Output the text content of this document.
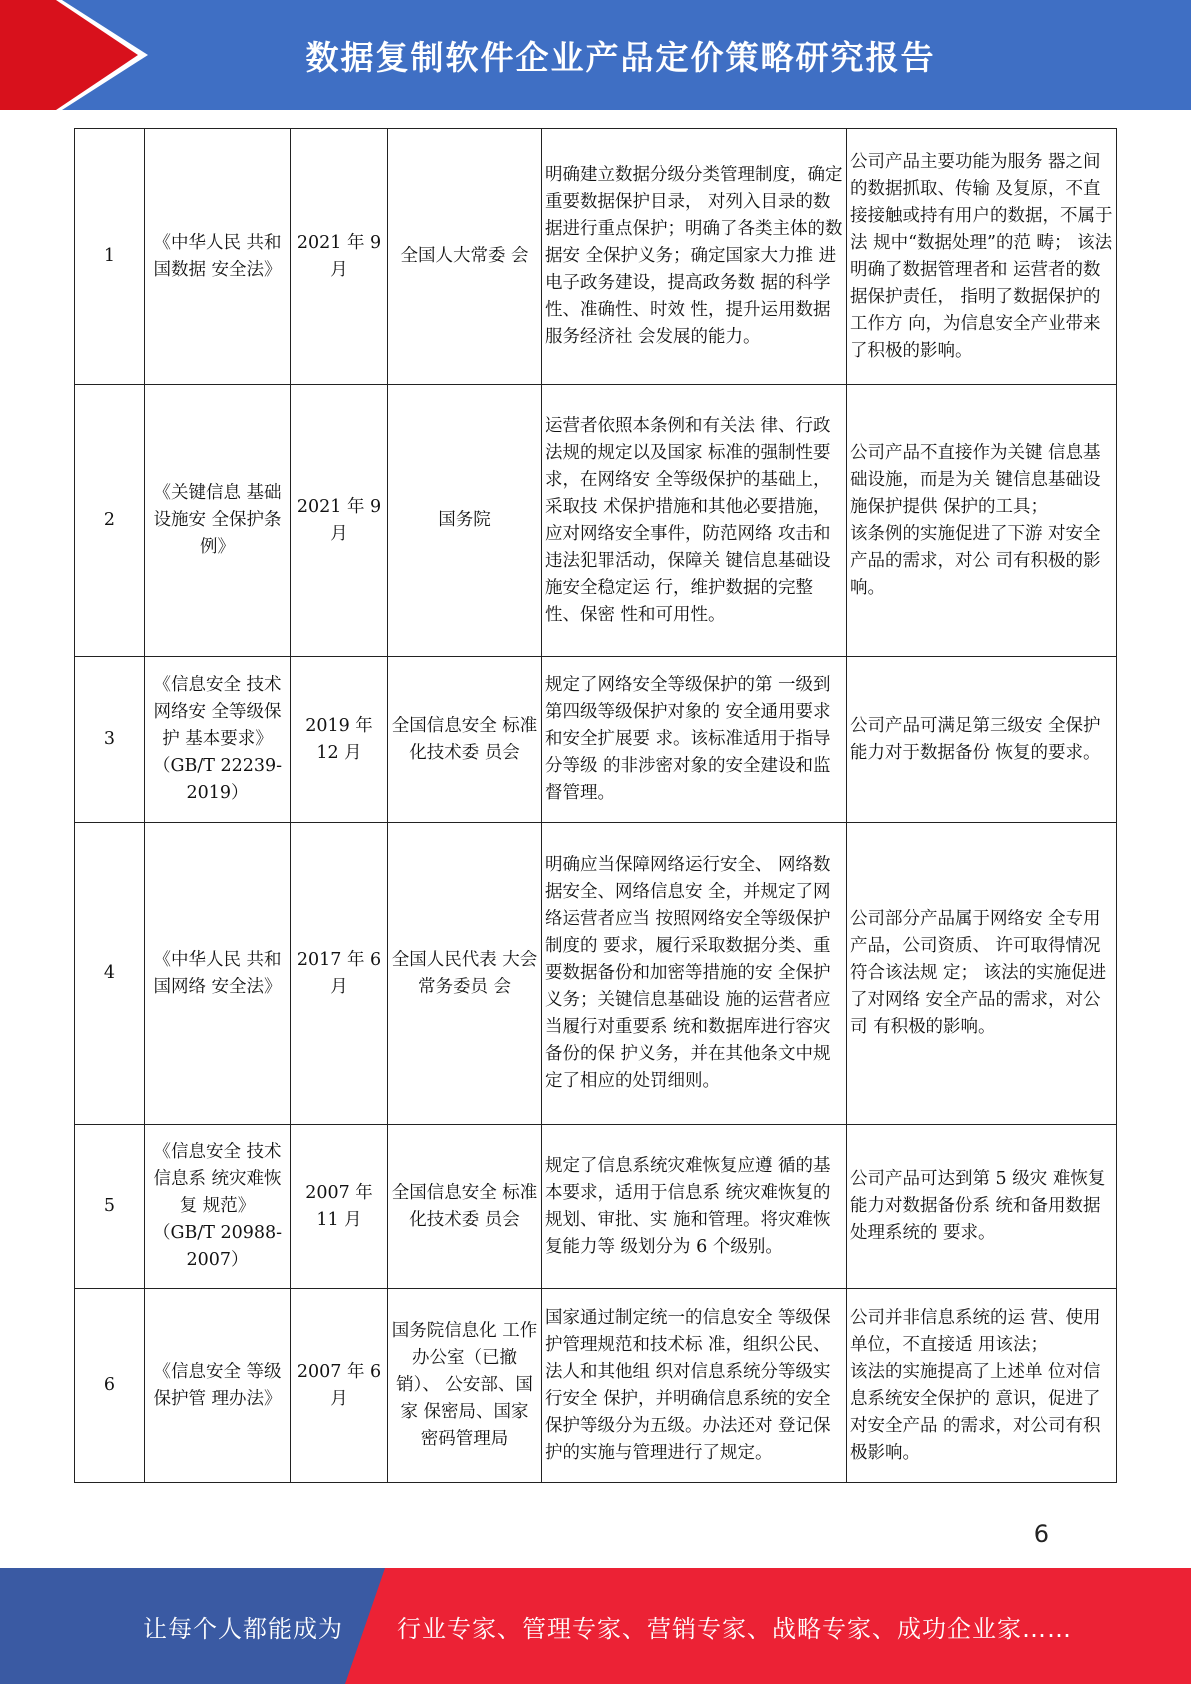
数据复制软件企业产品定价策略研究报告
1	《中华人民 共和国数据 安全法》	2021 年 9 月	全国人大常委 会	明确建立数据分级分类管理制度，确定重要数据保护目录， 对列入目录的数据进行重点保护；明确了各类主体的数据安 全保护义务；确定国家大力推 进电子政务建设，提高政务数 据的科学性、准确性、时效 性，提升运用数据服务经济社 会发展的能力。	公司产品主要功能为服务 器之间的数据抓取、传输 及复原，不直接接触或持有用户的数据，不属于法 规中“数据处理”的范 畴； 该法明确了数据管理者和 运营者的数据保护责任， 指明了数据保护的工作方 向，为信息安全产业带来 了积极的影响。
2	《关键信息 基础设施安 全保护条 例》	2021 年 9 月	国务院	运营者依照本条例和有关法 律、行政法规的规定以及国家 标准的强制性要求，在网络安 全等级保护的基础上，采取技 术保护措施和其他必要措施， 应对网络安全事件，防范网络 攻击和违法犯罪活动，保障关 键信息基础设施安全稳定运 行，维护数据的完整性、保密 性和可用性。	公司产品不直接作为关键 信息基础设施，而是为关 键信息基础设施保护提供 保护的工具；
该条例的实施促进了下游 对安全产品的需求，对公 司有积极的影响。
3	《信息安全 技术网络安 全等级保护 基本要求》 （GB/T 22239-2019）	2019 年 12 月	全国信息安全 标准化技术委 员会	规定了网络安全等级保护的第 一级到第四级等级保护对象的 安全通用要求和安全扩展要 求。该标准适用于指导分等级 的非涉密对象的安全建设和监 督管理。	公司产品可满足第三级安 全保护能力对于数据备份 恢复的要求。
4	《中华人民 共和国网络 安全法》	2017 年 6 月	全国人民代表 大会常务委员 会	明确应当保障网络运行安全、 网络数据安全、网络信息安 全，并规定了网络运营者应当 按照网络安全等级保护制度的 要求，履行采取数据分类、重 要数据备份和加密等措施的安 全保护义务；关键信息基础设 施的运营者应当履行对重要系 统和数据库进行容灾备份的保 护义务，并在其他条文中规定了相应的处罚细则。	公司部分产品属于网络安 全专用产品，公司资质、 许可取得情况符合该法规 定； 该法的实施促进了对网络 安全产品的需求，对公司 有积极的影响。
5	《信息安全 技术信息系 统灾难恢复 规范》 （GB/T 20988-2007）	2007 年 11 月	全国信息安全 标准化技术委 员会	规定了信息系统灾难恢复应遵 循的基本要求，适用于信息系 统灾难恢复的规划、审批、实 施和管理。将灾难恢复能力等 级划分为 6 个级别。	公司产品可达到第 5 级灾 难恢复能力对数据备份系 统和备用数据处理系统的 要求。
6	《信息安全 等级保护管 理办法》	2007 年 6 月	国务院信息化 工作办公室（已撤销）、 公安部、国家 保密局、国家 密码管理局	国家通过制定统一的信息安全 等级保护管理规范和技术标 准，组织公民、法人和其他组 织对信息系统分等级实行安全 保护，并明确信息系统的安全 保护等级分为五级。办法还对 登记保护的实施与管理进行了规定。	公司并非信息系统的运 营、使用单位，不直接适 用该法；
该法的实施提高了上述单 位对信息系统安全保护的 意识，促进了对安全产品 的需求，对公司有积极影响。
6
让每个人都能成为 行业专家、管理专家、营销专家、战略专家、成功企业家……
